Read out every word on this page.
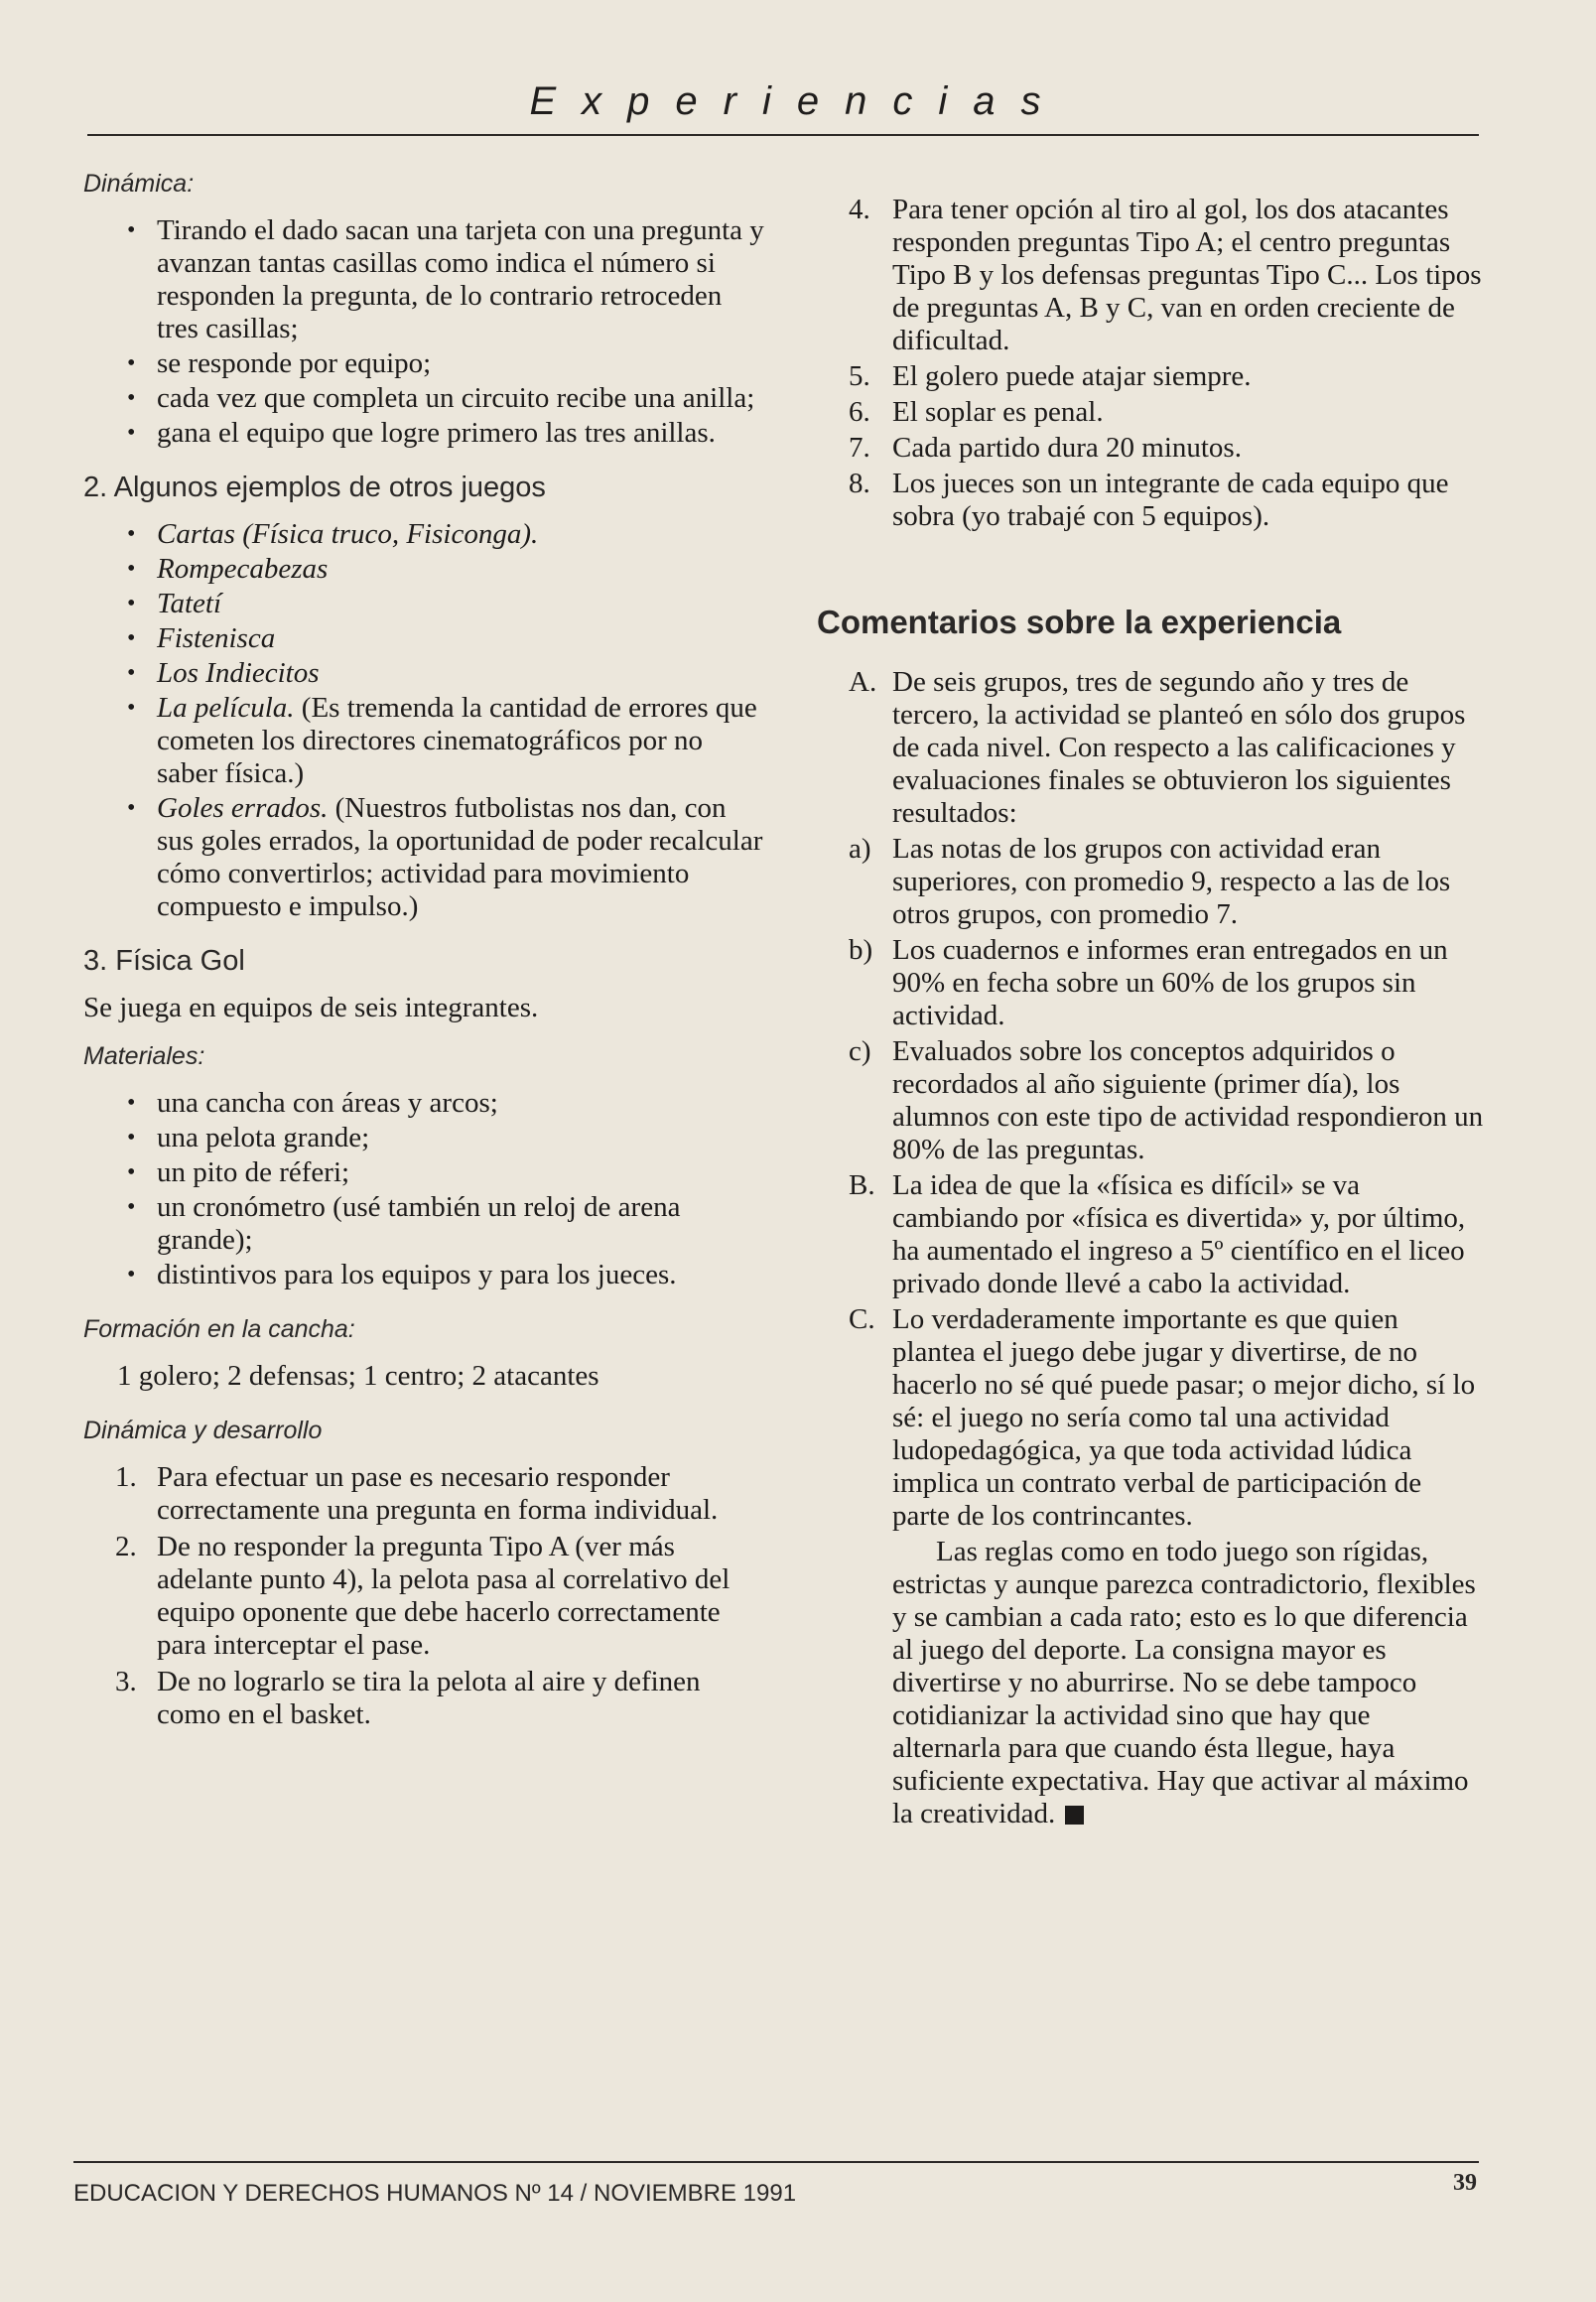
Experiencias
Dinámica:
• Tirando el dado sacan una tarjeta con una pregunta y avanzan tantas casillas como indica el número si responden la pregunta, de lo contrario retroceden tres casillas;
• se responde por equipo;
• cada vez que completa un circuito recibe una anilla;
• gana el equipo que logre primero las tres anillas.
2. Algunos ejemplos de otros juegos
• Cartas (Física truco, Fisiconga).
• Rompecabezas
• Tatetí
• Fistenisca
• Los Indiecitos
• La película. (Es tremenda la cantidad de errores que cometen los directores cinematográficos por no saber física.)
• Goles errados. (Nuestros futbolistas nos dan, con sus goles errados, la oportunidad de poder recalcular cómo convertirlos; actividad para movimiento compuesto e impulso.)
3. Física Gol

Se juega en equipos de seis integrantes.

Materiales:
• una cancha con áreas y arcos;
• una pelota grande;
• un pito de réferi;
• un cronómetro (usé también un reloj de arena grande);
• distintivos para los equipos y para los jueces.
Formación en la cancha:

1 golero; 2 defensas; 1 centro; 2 atacantes

Dinámica y desarrollo
1. Para efectuar un pase es necesario responder correctamente una pregunta en forma individual.
2. De no responder la pregunta Tipo A (ver más adelante punto 4), la pelota pasa al correlativo del equipo oponente que debe hacerlo correctamente para interceptar el pase.
3. De no lograrlo se tira la pelota al aire y definen como en el basket.
4. Para tener opción al tiro al gol, los dos atacantes responden preguntas Tipo A; el centro preguntas Tipo B y los defensas preguntas Tipo C... Los tipos de preguntas A, B y C, van en orden creciente de dificultad.
5. El golero puede atajar siempre.
6. El soplar es penal.
7. Cada partido dura 20 minutos.
8. Los jueces son un integrante de cada equipo que sobra (yo trabajé con 5 equipos).
Comentarios sobre la experiencia
A. De seis grupos, tres de segundo año y tres de tercero, la actividad se planteó en sólo dos grupos de cada nivel. Con respecto a las calificaciones y evaluaciones finales se obtuvieron los siguientes resultados:
a) Las notas de los grupos con actividad eran superiores, con promedio 9, respecto a las de los otros grupos, con promedio 7.
b) Los cuadernos e informes eran entregados en un 90% en fecha sobre un 60% de los grupos sin actividad.
c) Evaluados sobre los conceptos adquiridos o recordados al año siguiente (primer día), los alumnos con este tipo de actividad respondieron un 80% de las preguntas.
B. La idea de que la «física es difícil» se va cambiando por «física es divertida» y, por último, ha aumentado el ingreso a 5º científico en el liceo privado donde llevé a cabo la actividad.
C. Lo verdaderamente importante es que quien plantea el juego debe jugar y divertirse, de no hacerlo no sé qué puede pasar; o mejor dicho, sí lo sé: el juego no sería como tal una actividad ludopedagógica, ya que toda actividad lúdica implica un contrato verbal de participación de parte de los contrincantes.

Las reglas como en todo juego son rígidas, estrictas y aunque parezca contradictorio, flexibles y se cambian a cada rato; esto es lo que diferencia al juego del deporte. La consigna mayor es divertirse y no aburrirse. No se debe tampoco cotidianizar la actividad sino que hay que alternarla para que cuando ésta llegue, haya suficiente expectativa. Hay que activar al máximo la creatividad.

EDUCACION Y DERECHOS HUMANOS Nº 14 / NOVIEMBRE 1991	39
